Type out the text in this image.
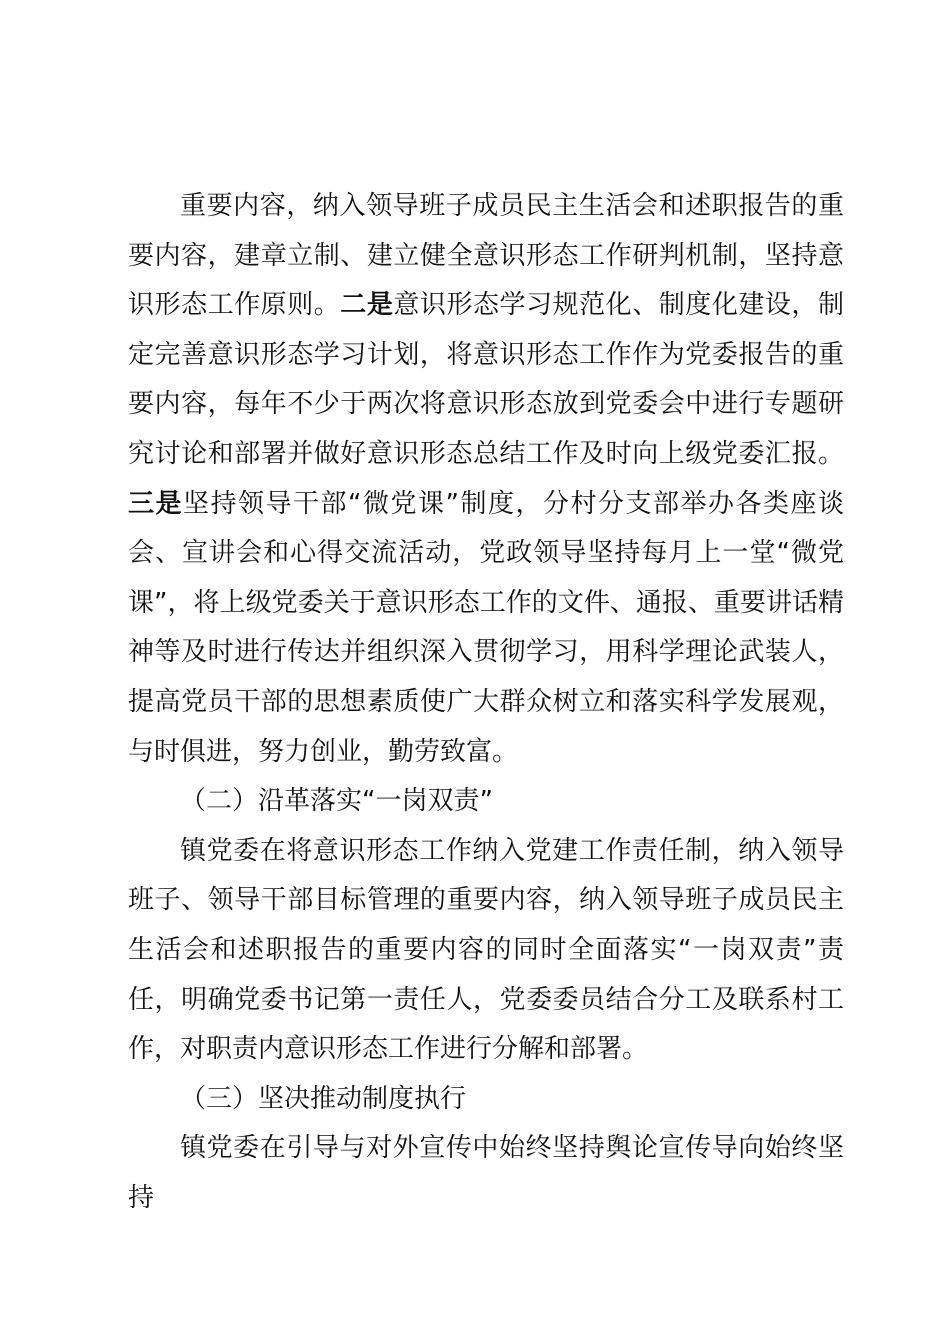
重要内容，纳入领导班子成员民主生活会和述职报告的重要内容，建章立制、建立健全意识形态工作研判机制，坚持意识形态工作原则。二是意识形态学习规范化、制度化建设，制定完善意识形态学习计划，将意识形态工作作为党委报告的重要内容，每年不少于两次将意识形态放到党委会中进行专题研究讨论和部署并做好意识形态总结工作及时向上级党委汇报。三是坚持领导干部“微党课”制度，分村分支部举办各类座谈会、宣讲会和心得交流活动，党政领导坚持每月上一堂“微党课”，将上级党委关于意识形态工作的文件、通报、重要讲话精神等及时进行传达并组织深入贯彻学习，用科学理论武装人，提高党员干部的思想素质使广大群众树立和落实科学发展观，与时俱进，努力创业，勤劳致富。

（二）沿革落实“一岗双责”

镇党委在将意识形态工作纳入党建工作责任制，纳入领导班子、领导干部目标管理的重要内容，纳入领导班子成员民主生活会和述职报告的重要内容的同时全面落实“一岗双责”责任，明确党委书记第一责任人，党委委员结合分工及联系村工作，对职责内意识形态工作进行分解和部署。

（三）坚决推动制度执行

镇党委在引导与对外宣传中始终坚持舆论宣传导向始终坚持
